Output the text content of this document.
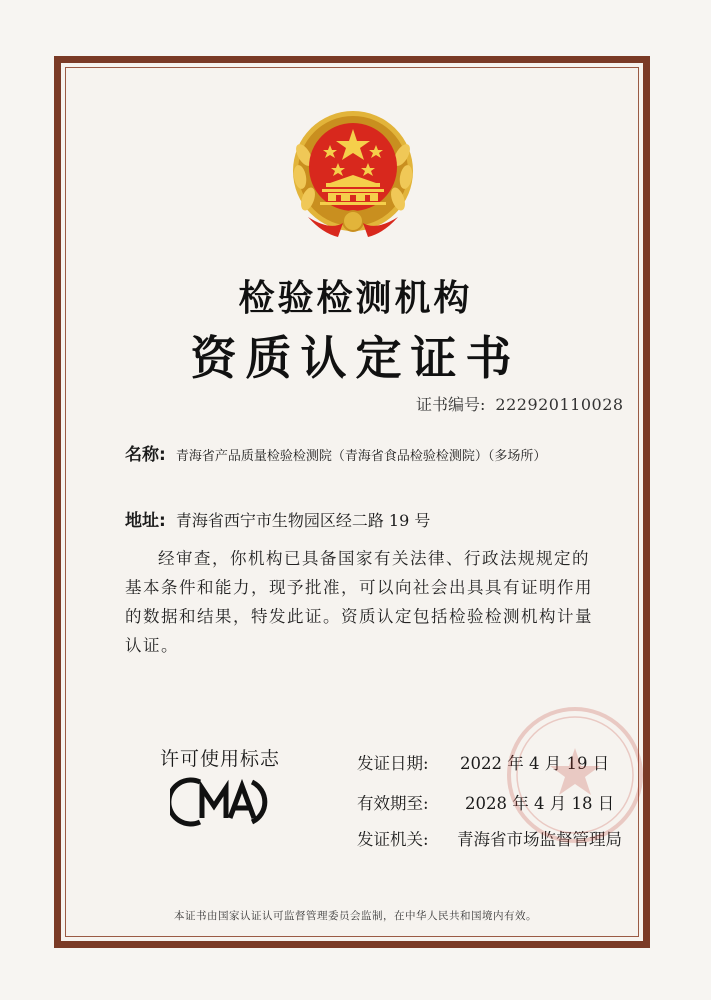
检验检测机构
资质认定证书
证书编号: 222920110028
名称: 青海省产品质量检验检测院（青海省食品检验检测院）（多场所）
地址: 青海省西宁市生物园区经二路 19 号
经审查，你机构已具备国家有关法律、行政法规规定的基本条件和能力，现予批准，可以向社会出具具有证明作用的数据和结果，特发此证。资质认定包括检验检测机构计量认证。
许可使用标志	发证日期: 2022 年 4 月 19 日
有效期至: 2028 年 4 月 18 日
发证机关: 青海省市场监督管理局
本证书由国家认证认可监督管理委员会监制，在中华人民共和国境内有效。
